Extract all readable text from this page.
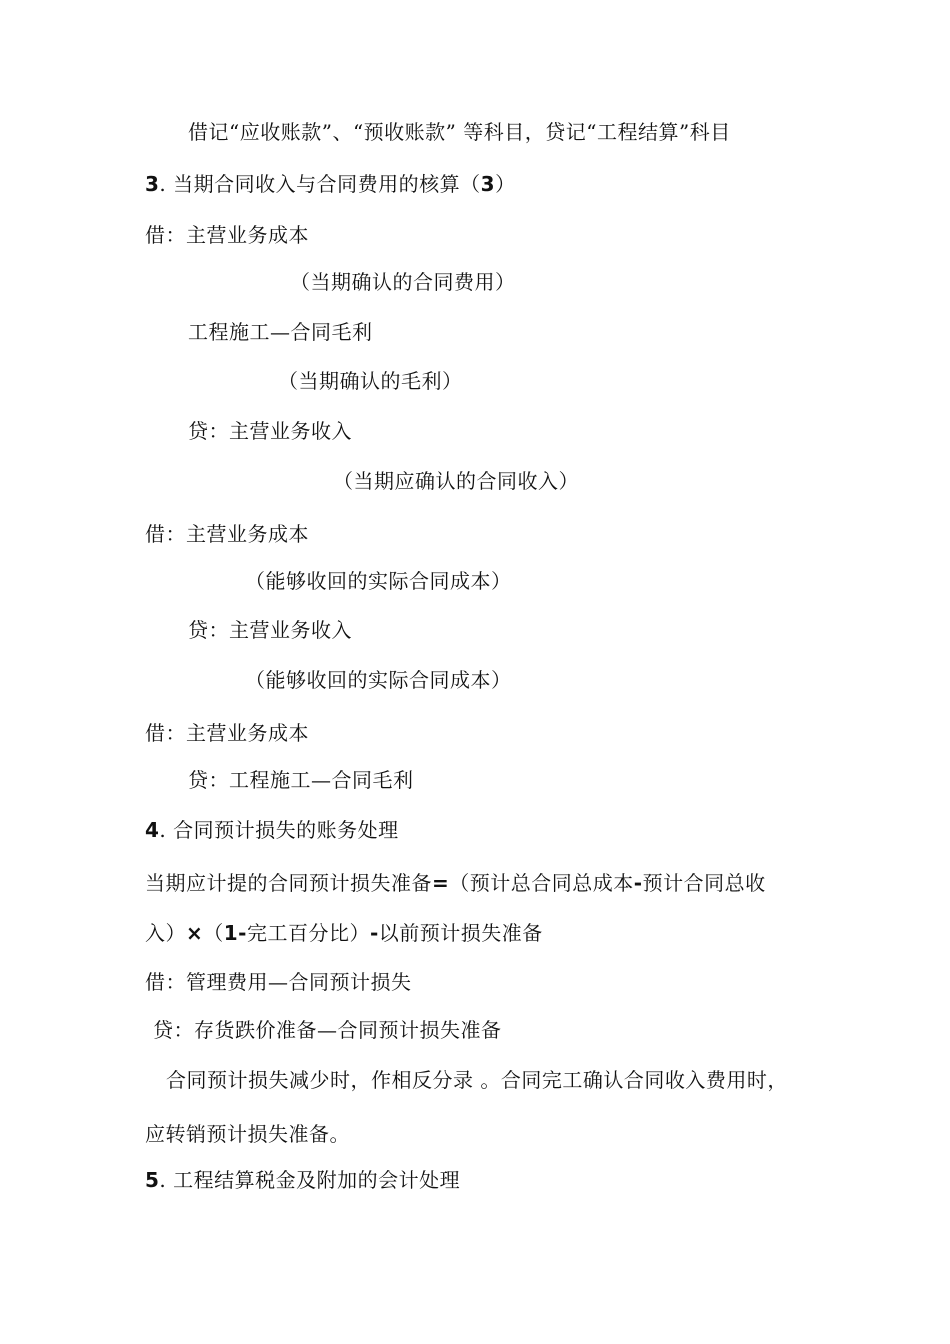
借记“应收账款”、“预收账款” 等科目，贷记“工程结算”科目
3. 当期合同收入与合同费用的核算（3）
借：主营业务成本
（当期确认的合同费用）
工程施工—合同毛利
（当期确认的毛利）
贷：主营业务收入
（当期应确认的合同收入）
借：主营业务成本
（能够收回的实际合同成本）
贷：主营业务收入
（能够收回的实际合同成本）
借：主营业务成本
贷：工程施工—合同毛利
4. 合同预计损失的账务处理
当期应计提的合同预计损失准备=（预计总合同总成本-预计合同总收
入）×（1-完工百分比）-以前预计损失准备
借：管理费用—合同预计损失
贷：存货跌价准备—合同预计损失准备
合同预计损失减少时，作相反分录 。合同完工确认合同收入费用时，
应转销预计损失准备。
5. 工程结算税金及附加的会计处理
